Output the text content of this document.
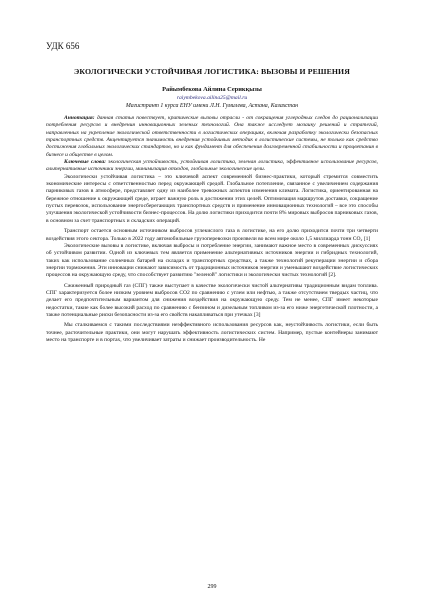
УДК 656
ЭКОЛОГИЧЕСКИ УСТОЙЧИВАЯ ЛОГИСТИКА: ВЫЗОВЫ И РЕШЕНИЯ
Райымбекова Айлина Серикқызы
raiymbekova.ailina25@mail.ru
Магистрант 1 курса ЕНУ имени Л.Н. Гумилева, Астана, Казахстан

Аннотация: данная статья повествует, критические вызовы отрасли - от сокращения углеродных следов до рационализации потребления ресурсов и внедрения инновационных зеленых технологий. Она также исследует мозаику решений и стратегий, направленных на укрепление экологической ответственности в логистических операциях, включая разработку экологически безопасных транспортных средств. Акцентируется значимость внедрения устойчивых методик в логистические системы, не только как средство достижения глобальных экологических стандартов, но и как фундамент для обеспечения долговременной стабильности и процветания в бизнесе и обществе в целом.

Ключевые слова: экологическая устойчивость, устойчивая логистика, зеленая логистика, эффективное использование ресурсов, альтернативные источники энергии, минимизация отходов, глобальные экологические цели.

Экологически устойчивая логистика – это ключевой аспект современной бизнес-практики, который стремится совместить экономические интересы с ответственностью перед окружающей средой. Глобальное потепление, связанное с увеличением содержания парниковых газов в атмосфере, представляет одну из наиболее тревожных аспектов изменения климата. Логистика, ориентированная на бережное отношение к окружающей среде, играет важную роль в достижении этих целей. Оптимизация маршрутов доставки, сокращение пустых перевозок, использование энергосберегающих транспортных средств и применение инновационных технологий – все это способы улучшения экологической устойчивости бизнес-процессов. На долю логистики приходится почти 8% мировых выбросов парниковых газов, в основном за счет транспортных и складских операций.

Транспорт остается основным источником выбросов углекислого газа в логистике, на его долю приходится почти три четверти воздействия этого сектора. Только в 2022 году автомобильные грузоперевозки произвели во всем мире около 1,5 миллиарда тонн CO₂ [1]

Экологические вызовы в логистике, включая выбросы и потребление энергии, занимают важное место в современных дискуссиях об устойчивом развитии. Одной из ключевых тем является применение альтернативных источников энергии и гибридных технологий, таких как использование солнечных батарей на складах и транспортных средствах, а также технологий рекуперации энергии и сбора энергии торможения. Эти инновации снижают зависимость от традиционных источников энергии и уменьшают воздействие логистических процессов на окружающую среду, что способствует развитию "зеленой" логистики и экологически чистых технологий [2].

Сжиженный природный газ (СПГ) также выступает в качестве экологически чистой альтернативы традиционным видам топлива. СПГ характеризуется более низким уровнем выбросов CO2 по сравнению с углем или нефтью, а также отсутствием твердых частиц, что делает его предпочтительным вариантом для снижения воздействия на окружающую среду. Тем не менее, СПГ имеет некоторые недостатки, такие как более высокий расход по сравнению с бензином и дизельным топливом из-за его ниже энергетической плотности, а также потенциальные риски безопасности из-за его свойств накапливаться при утечках [3]

Мы сталкиваемся с такими последствиями неэффективного использования ресурсов как, неустойчивость логистики, если быть точнее, расточительные практики, они могут нарушать эффективность логистических систем. Например, пустые контейнеры занимают место на транспорте и в портах, что увеличивает затраты и снижает производительность. Не

299
